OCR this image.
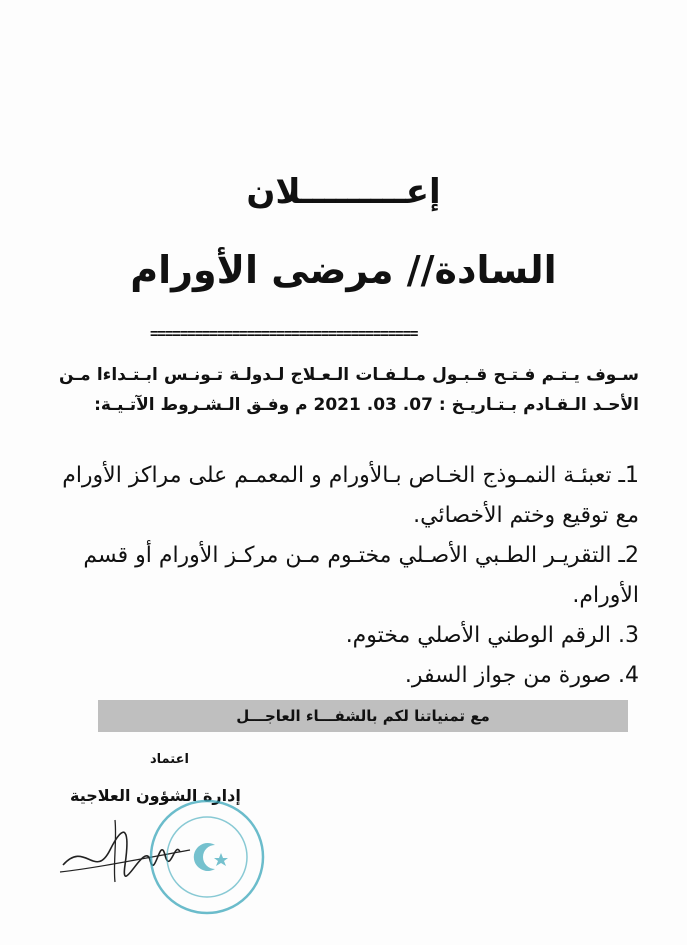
إعـــــــــلان
السادة// مرضى الأورام
====================================
سـوف يـتـم فـتـح قـبـول مـلـفـات الـعـلاج لـدولـة تـونـس ابـتـداءا مـن الأحـد الـقـادم بـتـاريـخ : 07. 03. 2021 م وفـق الـشـروط الآتـيـة:

1ـ تعبئـة النمـوذج الخـاص بـالأورام و المعمـم على مراكز الأورام مع توقيع وختم الأخصائي.

2ـ التقريـر الطـبي الأصـلي مختـوم مـن مركـز الأورام أو قسم الأورام.

3. الرقم الوطني الأصلي مختوم.

4. صورة من جواز السفر.

مع تمنياتنا لكم بالشفـــاء العاجـــل
اعتماد
إدارة الشؤون العلاجية
